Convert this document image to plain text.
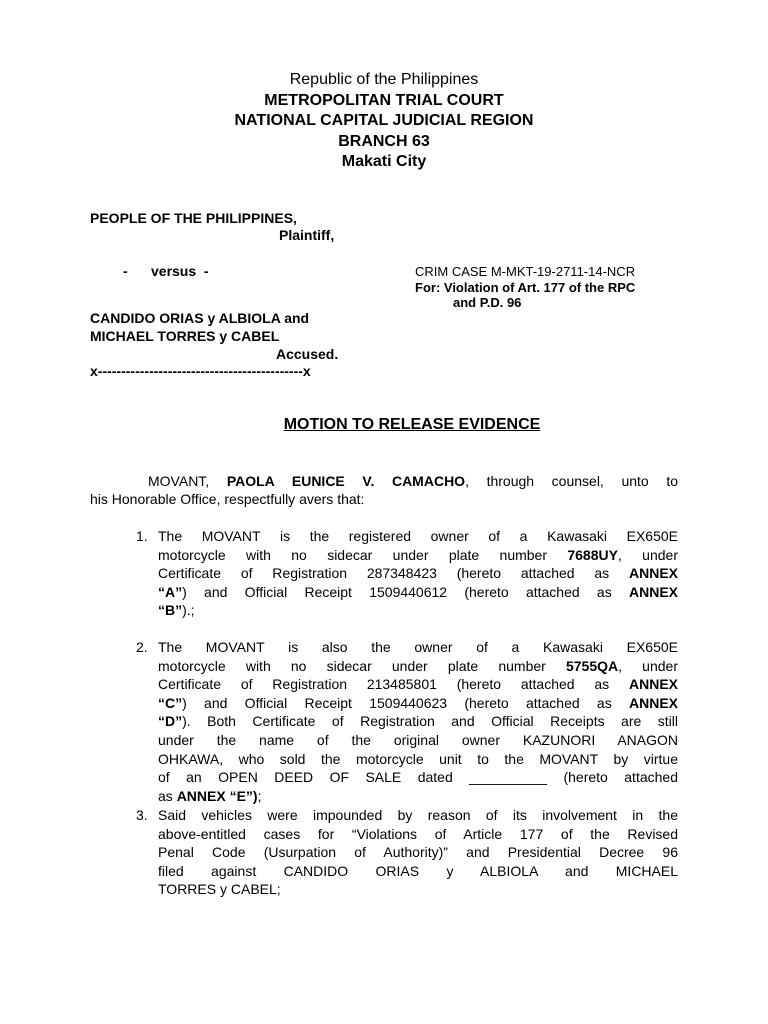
Republic of the Philippines
METROPOLITAN TRIAL COURT
NATIONAL CAPITAL JUDICIAL REGION
BRANCH 63
Makati City
PEOPLE OF THE PHILIPPINES,
Plaintiff,
-      versus  -	CRIM CASE M-MKT-19-2711-14-NCR
For: Violation of Art. 177 of the RPC
and P.D. 96
CANDIDO ORIAS y ALBIOLA and
MICHAEL TORRES y CABEL
Accused.
x--------------------------------------------x
MOTION TO RELEASE EVIDENCE
MOVANT, PAOLA EUNICE V. CAMACHO, through counsel, unto to
his Honorable Office, respectfully avers that:
1. The MOVANT is the registered owner of a Kawasaki EX650E
motorcycle with no sidecar under plate number 7688UY, under
Certificate of Registration 287348423 (hereto attached as ANNEX
“A”) and Official Receipt 1509440612 (hereto attached as ANNEX
“B”).;
2. The MOVANT is also the owner of a Kawasaki EX650E
motorcycle with no sidecar under plate number 5755QA, under
Certificate of Registration 213485801 (hereto attached as ANNEX
“C”) and Official Receipt 1509440623 (hereto attached as ANNEX
“D”). Both Certificate of Registration and Official Receipts are still
under the name of the original owner KAZUNORI ANAGON
OHKAWA, who sold the motorcycle unit to the MOVANT by virtue
of an OPEN DEED OF SALE dated __________ (hereto attached
as ANNEX “E”);
3. Said vehicles were impounded by reason of its involvement in the
above-entitled cases for “Violations of Article 177 of the Revised
Penal Code (Usurpation of Authority)” and Presidential Decree 96
filed against CANDIDO ORIAS y ALBIOLA and MICHAEL
TORRES y CABEL;
